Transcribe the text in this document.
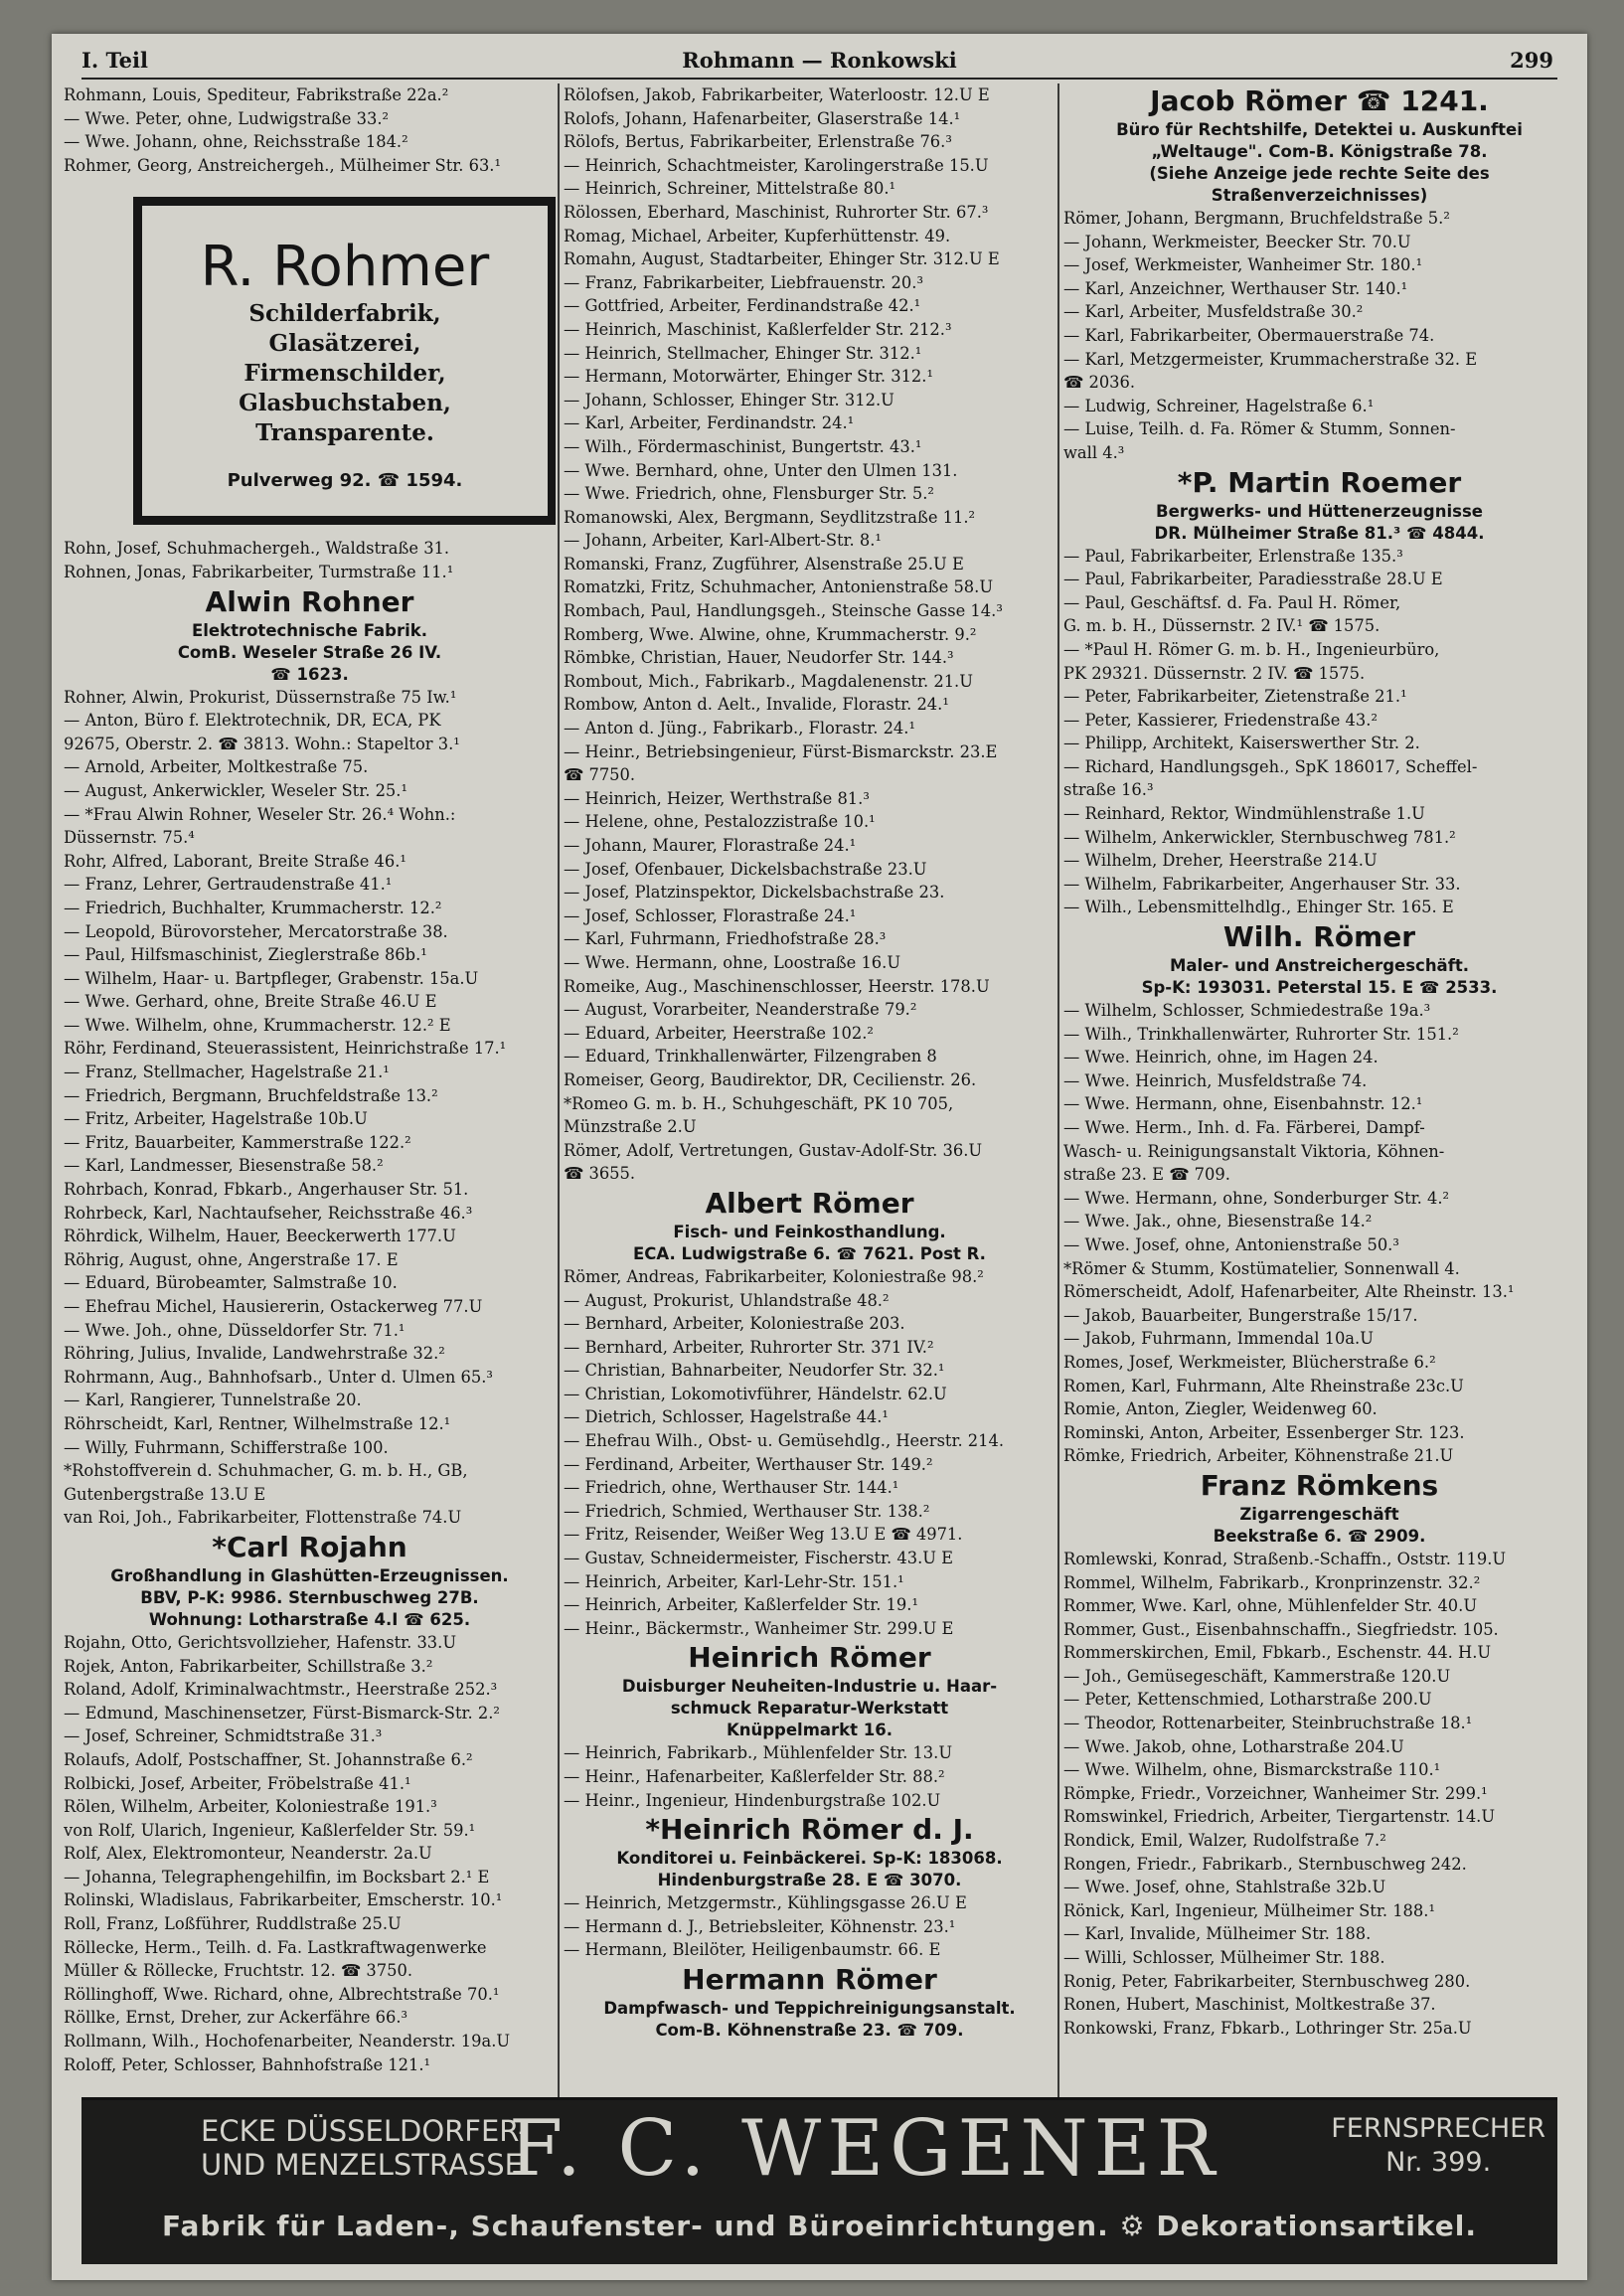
I. Teil	Rohmann — Ronkowski	299
Rohmann, Louis, Spediteur, Fabrikstraße 22a.²
— Wwe. Peter, ohne, Ludwigstraße 33.²
— Wwe. Johann, ohne, Reichsstraße 184.²
Rohmer, Georg, Anstreichergeh., Mülheimer Str. 63.¹
R. Rohmer
Schilderfabrik,
Glasätzerei,
Firmenschilder,
Glasbuchstaben,
Transparente.
Pulverweg 92. ☎ 1594.
Rohn, Josef, Schuhmachergeh., Waldstraße 31.
Rohnen, Jonas, Fabrikarbeiter, Turmstraße 11.¹
Alwin Rohner
Elektrotechnische Fabrik.
ComB. Weseler Straße 26 IV.
☎ 1623.
Rohner, Alwin, Prokurist, Düssernstraße 75 Iw.¹
— Anton, Büro f. Elektrotechnik, DR, ECA, PK
92675, Oberstr. 2. ☎ 3813. Wohn.: Stapeltor 3.¹
— Arnold, Arbeiter, Moltkestraße 75.
— August, Ankerwickler, Weseler Str. 25.¹
— *Frau Alwin Rohner, Weseler Str. 26.⁴ Wohn.:
Düssernstr. 75.⁴
Rohr, Alfred, Laborant, Breite Straße 46.¹
— Franz, Lehrer, Gertraudenstraße 41.¹
— Friedrich, Buchhalter, Krummacherstr. 12.²
— Leopold, Bürovorsteher, Mercatorstraße 38.
— Paul, Hilfsmaschinist, Zieglerstraße 86b.¹
— Wilhelm, Haar- u. Bartpfleger, Grabenstr. 15a.U
— Wwe. Gerhard, ohne, Breite Straße 46.U E
— Wwe. Wilhelm, ohne, Krummacherstr. 12.² E
Röhr, Ferdinand, Steuerassistent, Heinrichstraße 17.¹
— Franz, Stellmacher, Hagelstraße 21.¹
— Friedrich, Bergmann, Bruchfeldstraße 13.²
— Fritz, Arbeiter, Hagelstraße 10b.U
— Fritz, Bauarbeiter, Kammerstraße 122.²
— Karl, Landmesser, Biesenstraße 58.²
Rohrbach, Konrad, Fbkarb., Angerhauser Str. 51.
Rohrbeck, Karl, Nachtaufseher, Reichsstraße 46.³
Röhrdick, Wilhelm, Hauer, Beeckerwerth 177.U
Röhrig, August, ohne, Angerstraße 17. E
— Eduard, Bürobeamter, Salmstraße 10.
— Ehefrau Michel, Hausiererin, Ostackerweg 77.U
— Wwe. Joh., ohne, Düsseldorfer Str. 71.¹
Röhring, Julius, Invalide, Landwehrstraße 32.²
Rohrmann, Aug., Bahnhofsarb., Unter d. Ulmen 65.³
— Karl, Rangierer, Tunnelstraße 20.
Röhrscheidt, Karl, Rentner, Wilhelmstraße 12.¹
— Willy, Fuhrmann, Schifferstraße 100.
*Rohstoffverein d. Schuhmacher, G. m. b. H., GB,
Gutenbergstraße 13.U E
van Roi, Joh., Fabrikarbeiter, Flottenstraße 74.U
*Carl Rojahn
Großhandlung in Glashütten-Erzeugnissen.
BBV, P-K: 9986. Sternbuschweg 27B.
Wohnung: Lotharstraße 4.I ☎ 625.
Rojahn, Otto, Gerichtsvollzieher, Hafenstr. 33.U
Rojek, Anton, Fabrikarbeiter, Schillstraße 3.²
Roland, Adolf, Kriminalwachtmstr., Heerstraße 252.³
— Edmund, Maschinensetzer, Fürst-Bismarck-Str. 2.²
— Josef, Schreiner, Schmidtstraße 31.³
Rolaufs, Adolf, Postschaffner, St. Johannstraße 6.²
Rolbicki, Josef, Arbeiter, Fröbelstraße 41.¹
Rölen, Wilhelm, Arbeiter, Koloniestraße 191.³
von Rolf, Ularich, Ingenieur, Kaßlerfelder Str. 59.¹
Rolf, Alex, Elektromonteur, Neanderstr. 2a.U
— Johanna, Telegraphengehilfin, im Bocksbart 2.¹ E
Rolinski, Wladislaus, Fabrikarbeiter, Emscherstr. 10.¹
Roll, Franz, Loßführer, Ruddlstraße 25.U
Röllecke, Herm., Teilh. d. Fa. Lastkraftwagenwerke
Müller & Röllecke, Fruchtstr. 12. ☎ 3750.
Röllinghoff, Wwe. Richard, ohne, Albrechtstraße 70.¹
Röllke, Ernst, Dreher, zur Ackerfähre 66.³
Rollmann, Wilh., Hochofenarbeiter, Neanderstr. 19a.U
Roloff, Peter, Schlosser, Bahnhofstraße 121.¹
Rölofsen, Jakob, Fabrikarbeiter, Waterloostr. 12.U E
Rolofs, Johann, Hafenarbeiter, Glaserstraße 14.¹
Rölofs, Bertus, Fabrikarbeiter, Erlenstraße 76.³
— Heinrich, Schachtmeister, Karolingerstraße 15.U
— Heinrich, Schreiner, Mittelstraße 80.¹
Rölossen, Eberhard, Maschinist, Ruhrorter Str. 67.³
Romag, Michael, Arbeiter, Kupferhüttenstr. 49.
Romahn, August, Stadtarbeiter, Ehinger Str. 312.U E
— Franz, Fabrikarbeiter, Liebfrauenstr. 20.³
— Gottfried, Arbeiter, Ferdinandstraße 42.¹
— Heinrich, Maschinist, Kaßlerfelder Str. 212.³
— Heinrich, Stellmacher, Ehinger Str. 312.¹
— Hermann, Motorwärter, Ehinger Str. 312.¹
— Johann, Schlosser, Ehinger Str. 312.U
— Karl, Arbeiter, Ferdinandstr. 24.¹
— Wilh., Fördermaschinist, Bungertstr. 43.¹
— Wwe. Bernhard, ohne, Unter den Ulmen 131.
— Wwe. Friedrich, ohne, Flensburger Str. 5.²
Romanowski, Alex, Bergmann, Seydlitzstraße 11.²
— Johann, Arbeiter, Karl-Albert-Str. 8.¹
Romanski, Franz, Zugführer, Alsenstraße 25.U E
Romatzki, Fritz, Schuhmacher, Antonienstraße 58.U
Rombach, Paul, Handlungsgeh., Steinsche Gasse 14.³
Romberg, Wwe. Alwine, ohne, Krummacherstr. 9.²
Römbke, Christian, Hauer, Neudorfer Str. 144.³
Rombout, Mich., Fabrikarb., Magdalenenstr. 21.U
Rombow, Anton d. Aelt., Invalide, Florastr. 24.¹
— Anton d. Jüng., Fabrikarb., Florastr. 24.¹
— Heinr., Betriebsingenieur, Fürst-Bismarckstr. 23.E
☎ 7750.
— Heinrich, Heizer, Werthstraße 81.³
— Helene, ohne, Pestalozzistraße 10.¹
— Johann, Maurer, Florastraße 24.¹
— Josef, Ofenbauer, Dickelsbachstraße 23.U
— Josef, Platzinspektor, Dickelsbachstraße 23.
— Josef, Schlosser, Florastraße 24.¹
— Karl, Fuhrmann, Friedhofstraße 28.³
— Wwe. Hermann, ohne, Loostraße 16.U
Romeike, Aug., Maschinenschlosser, Heerstr. 178.U
— August, Vorarbeiter, Neanderstraße 79.²
— Eduard, Arbeiter, Heerstraße 102.²
— Eduard, Trinkhallenwärter, Filzengraben 8
Romeiser, Georg, Baudirektor, DR, Cecilienstr. 26.
*Romeo G. m. b. H., Schuhgeschäft, PK 10 705,
Münzstraße 2.U
Römer, Adolf, Vertretungen, Gustav-Adolf-Str. 36.U
☎ 3655.
Albert Römer
Fisch- und Feinkosthandlung.
ECA. Ludwigstraße 6. ☎ 7621. Post R.
Römer, Andreas, Fabrikarbeiter, Koloniestraße 98.²
— August, Prokurist, Uhlandstraße 48.²
— Bernhard, Arbeiter, Koloniestraße 203.
— Bernhard, Arbeiter, Ruhrorter Str. 371 IV.²
— Christian, Bahnarbeiter, Neudorfer Str. 32.¹
— Christian, Lokomotivführer, Händelstr. 62.U
— Dietrich, Schlosser, Hagelstraße 44.¹
— Ehefrau Wilh., Obst- u. Gemüsehdlg., Heerstr. 214.
— Ferdinand, Arbeiter, Werthauser Str. 149.²
— Friedrich, ohne, Werthauser Str. 144.¹
— Friedrich, Schmied, Werthauser Str. 138.²
— Fritz, Reisender, Weißer Weg 13.U E ☎ 4971.
— Gustav, Schneidermeister, Fischerstr. 43.U E
— Heinrich, Arbeiter, Karl-Lehr-Str. 151.¹
— Heinrich, Arbeiter, Kaßlerfelder Str. 19.¹
— Heinr., Bäckermstr., Wanheimer Str. 299.U E
Heinrich Römer
Duisburger Neuheiten-Industrie u. Haar-
schmuck Reparatur-Werkstatt
Knüppelmarkt 16.
— Heinrich, Fabrikarb., Mühlenfelder Str. 13.U
— Heinr., Hafenarbeiter, Kaßlerfelder Str. 88.²
— Heinr., Ingenieur, Hindenburgstraße 102.U
*Heinrich Römer d. J.
Konditorei u. Feinbäckerei. Sp-K: 183068.
Hindenburgstraße 28. E ☎ 3070.
— Heinrich, Metzgermstr., Kühlingsgasse 26.U E
— Hermann d. J., Betriebsleiter, Köhnenstr. 23.¹
— Hermann, Bleilöter, Heiligenbaumstr. 66. E
Hermann Römer
Dampfwasch- und Teppichreinigungsanstalt.
Com-B. Köhnenstraße 23. ☎ 709.
Jacob Römer ☎ 1241.
Büro für Rechtshilfe, Detektei u. Auskunftei
„Weltauge". Com-B. Königstraße 78.
(Siehe Anzeige jede rechte Seite des
Straßenverzeichnisses)
Römer, Johann, Bergmann, Bruchfeldstraße 5.²
— Johann, Werkmeister, Beecker Str. 70.U
— Josef, Werkmeister, Wanheimer Str. 180.¹
— Karl, Anzeichner, Werthauser Str. 140.¹
— Karl, Arbeiter, Musfeldstraße 30.²
— Karl, Fabrikarbeiter, Obermauerstraße 74.
— Karl, Metzgermeister, Krummacherstraße 32. E
☎ 2036.
— Ludwig, Schreiner, Hagelstraße 6.¹
— Luise, Teilh. d. Fa. Römer & Stumm, Sonnen-
wall 4.³
*P. Martin Roemer
Bergwerks- und Hüttenerzeugnisse
DR. Mülheimer Straße 81.³ ☎ 4844.
— Paul, Fabrikarbeiter, Erlenstraße 135.³
— Paul, Fabrikarbeiter, Paradiesstraße 28.U E
— Paul, Geschäftsf. d. Fa. Paul H. Römer,
G. m. b. H., Düssernstr. 2 IV.¹ ☎ 1575.
— *Paul H. Römer G. m. b. H., Ingenieurbüro,
PK 29321. Düssernstr. 2 IV. ☎ 1575.
— Peter, Fabrikarbeiter, Zietenstraße 21.¹
— Peter, Kassierer, Friedenstraße 43.²
— Philipp, Architekt, Kaiserswerther Str. 2.
— Richard, Handlungsgeh., SpK 186017, Scheffel-
straße 16.³
— Reinhard, Rektor, Windmühlenstraße 1.U
— Wilhelm, Ankerwickler, Sternbuschweg 781.²
— Wilhelm, Dreher, Heerstraße 214.U
— Wilhelm, Fabrikarbeiter, Angerhauser Str. 33.
— Wilh., Lebensmittelhdlg., Ehinger Str. 165. E
Wilh. Römer
Maler- und Anstreichergeschäft.
Sp-K: 193031. Peterstal 15. E ☎ 2533.
— Wilhelm, Schlosser, Schmiedestraße 19a.³
— Wilh., Trinkhallenwärter, Ruhrorter Str. 151.²
— Wwe. Heinrich, ohne, im Hagen 24.
— Wwe. Heinrich, Musfeldstraße 74.
— Wwe. Hermann, ohne, Eisenbahnstr. 12.¹
— Wwe. Herm., Inh. d. Fa. Färberei, Dampf-
Wasch- u. Reinigungsanstalt Viktoria, Köhnen-
straße 23. E ☎ 709.
— Wwe. Hermann, ohne, Sonderburger Str. 4.²
— Wwe. Jak., ohne, Biesenstraße 14.²
— Wwe. Josef, ohne, Antonienstraße 50.³
*Römer & Stumm, Kostümatelier, Sonnenwall 4.
Römerscheidt, Adolf, Hafenarbeiter, Alte Rheinstr. 13.¹
— Jakob, Bauarbeiter, Bungerstraße 15/17.
— Jakob, Fuhrmann, Immendal 10a.U
Romes, Josef, Werkmeister, Blücherstraße 6.²
Romen, Karl, Fuhrmann, Alte Rheinstraße 23c.U
Romie, Anton, Ziegler, Weidenweg 60.
Rominski, Anton, Arbeiter, Essenberger Str. 123.
Römke, Friedrich, Arbeiter, Köhnenstraße 21.U
Franz Römkens
Zigarrengeschäft
Beekstraße 6. ☎ 2909.
Romlewski, Konrad, Straßenb.-Schaffn., Oststr. 119.U
Rommel, Wilhelm, Fabrikarb., Kronprinzenstr. 32.²
Rommer, Wwe. Karl, ohne, Mühlenfelder Str. 40.U
Rommer, Gust., Eisenbahnschaffn., Siegfriedstr. 105.
Rommerskirchen, Emil, Fbkarb., Eschenstr. 44. H.U
— Joh., Gemüsegeschäft, Kammerstraße 120.U
— Peter, Kettenschmied, Lotharstraße 200.U
— Theodor, Rottenarbeiter, Steinbruchstraße 18.¹
— Wwe. Jakob, ohne, Lotharstraße 204.U
— Wwe. Wilhelm, ohne, Bismarckstraße 110.¹
Römpke, Friedr., Vorzeichner, Wanheimer Str. 299.¹
Romswinkel, Friedrich, Arbeiter, Tiergartenstr. 14.U
Rondick, Emil, Walzer, Rudolfstraße 7.²
Rongen, Friedr., Fabrikarb., Sternbuschweg 242.
— Wwe. Josef, ohne, Stahlstraße 32b.U
Rönick, Karl, Ingenieur, Mülheimer Str. 188.¹
— Karl, Invalide, Mülheimer Str. 188.
— Willi, Schlosser, Mülheimer Str. 188.
Ronig, Peter, Fabrikarbeiter, Sternbuschweg 280.
Ronen, Hubert, Maschinist, Moltkestraße 37.
Ronkowski, Franz, Fbkarb., Lothringer Str. 25a.U
ECKE DÜSSELDORFER-
UND MENZELSTRASSE
F. C. WEGENER	FERNSPRECHER
Nr. 399.
Fabrik für Laden-, Schaufenster- und Büroeinrichtungen. ⚙ Dekorationsartikel.
